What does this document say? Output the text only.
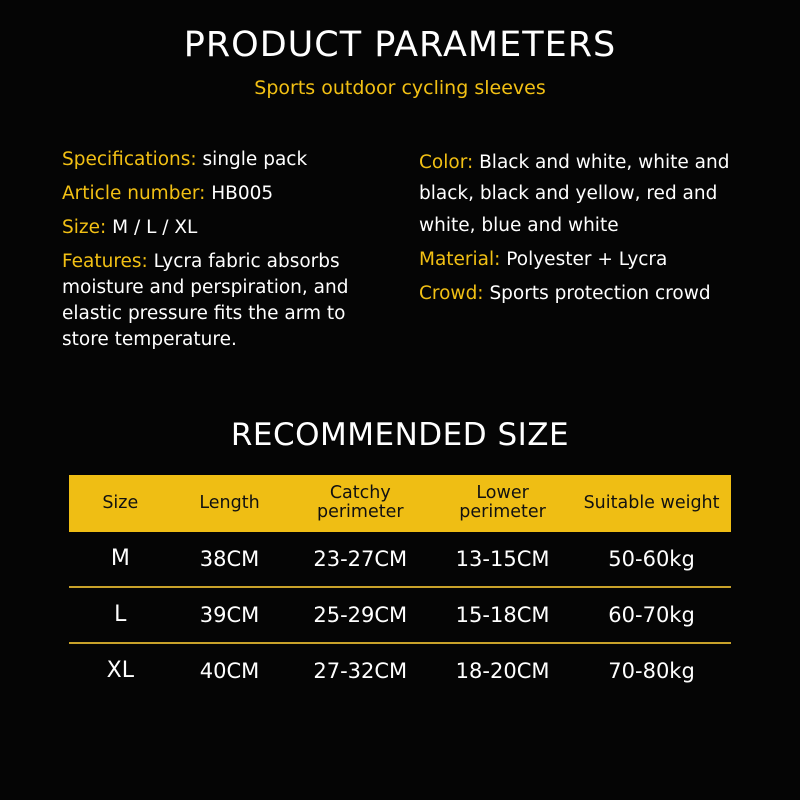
PRODUCT PARAMETERS
Sports outdoor cycling sleeves
Specifications: single pack
Article number: HB005
Size: M / L / XL
Features: Lycra fabric absorbs moisture and perspiration, and elastic pressure fits the arm to store temperature.
Color: Black and white, white and black, black and yellow, red and white, blue and white
Material: Polyester + Lycra
Crowd: Sports protection crowd
RECOMMENDED SIZE
Size	Length	Catchy perimeter	Lower perimeter	Suitable weight
M	38CM	23-27CM	13-15CM	50-60kg
L	39CM	25-29CM	15-18CM	60-70kg
XL	40CM	27-32CM	18-20CM	70-80kg
